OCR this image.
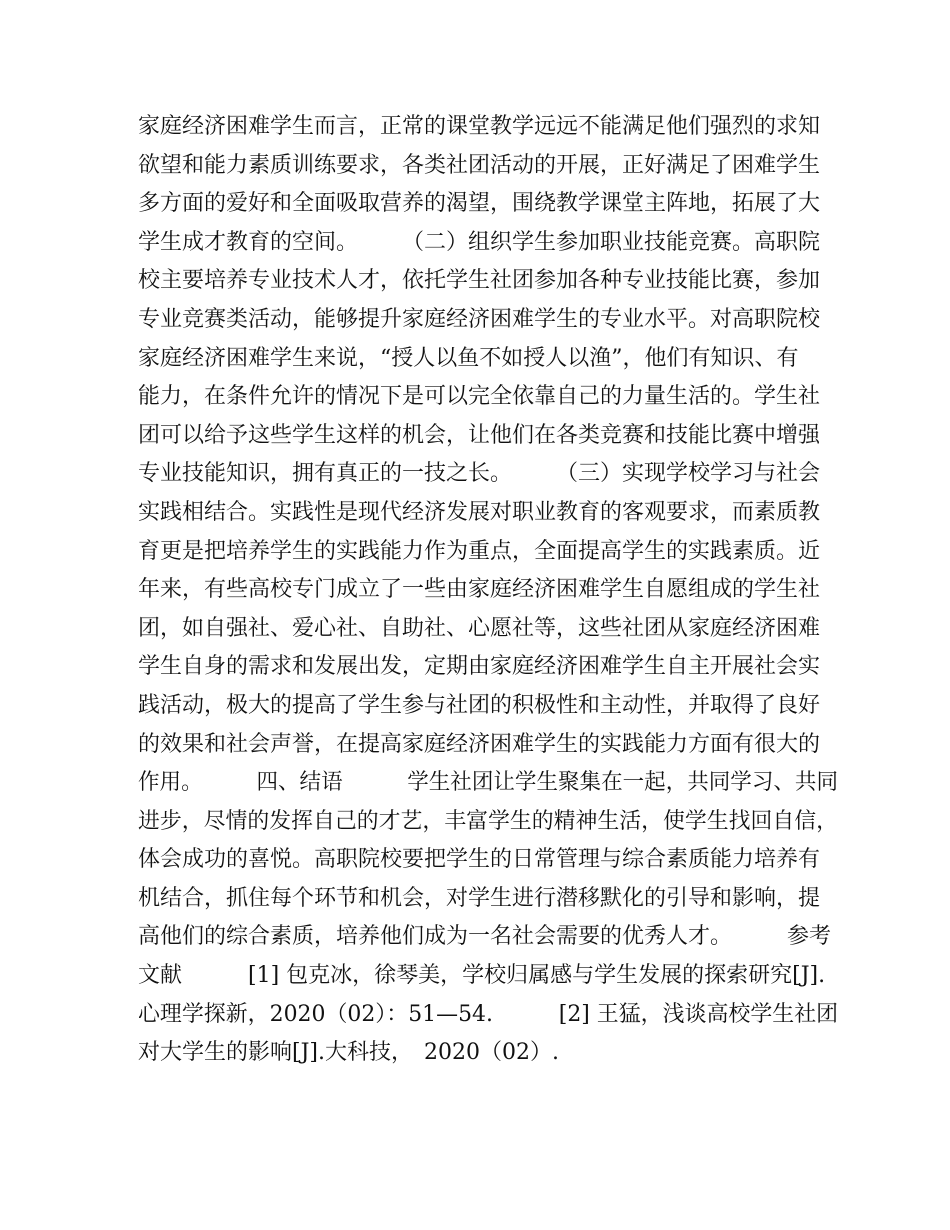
家庭经济困难学生而言，正常的课堂教学远远不能满足他们强烈的求知
欲望和能力素质训练要求，各类社团活动的开展，正好满足了困难学生
多方面的爱好和全面吸取营养的渴望，围绕教学课堂主阵地，拓展了大
学生成才教育的空间。　　　（二）组织学生参加职业技能竞赛。高职院
校主要培养专业技术人才，依托学生社团参加各种专业技能比赛，参加
专业竞赛类活动，能够提升家庭经济困难学生的专业水平。对高职院校
家庭经济困难学生来说，“授人以鱼不如授人以渔”，他们有知识、有
能力，在条件允许的情况下是可以完全依靠自己的力量生活的。学生社
团可以给予这些学生这样的机会，让他们在各类竞赛和技能比赛中增强
专业技能知识，拥有真正的一技之长。　　　（三）实现学校学习与社会
实践相结合。实践性是现代经济发展对职业教育的客观要求，而素质教
育更是把培养学生的实践能力作为重点，全面提高学生的实践素质。近
年来，有些高校专门成立了一些由家庭经济困难学生自愿组成的学生社
团，如自强社、爱心社、自助社、心愿社等，这些社团从家庭经济困难
学生自身的需求和发展出发，定期由家庭经济困难学生自主开展社会实
践活动，极大的提高了学生参与社团的积极性和主动性，并取得了良好
的效果和社会声誉，在提高家庭经济困难学生的实践能力方面有很大的
作用。　　　四、结语　　　学生社团让学生聚集在一起，共同学习、共同
进步，尽情的发挥自己的才艺，丰富学生的精神生活，使学生找回自信，
体会成功的喜悦。高职院校要把学生的日常管理与综合素质能力培养有
机结合，抓住每个环节和机会，对学生进行潜移默化的引导和影响，提
高他们的综合素质，培养他们成为一名社会需要的优秀人才。　　　参考
文献　　　[1] 包克冰，徐琴美，学校归属感与学生发展的探索研究[J].
心理学探新，2020（02）：51—54.　　　[2] 王猛，浅谈高校学生社团
对大学生的影响[J].大科技，　2020（02）.
